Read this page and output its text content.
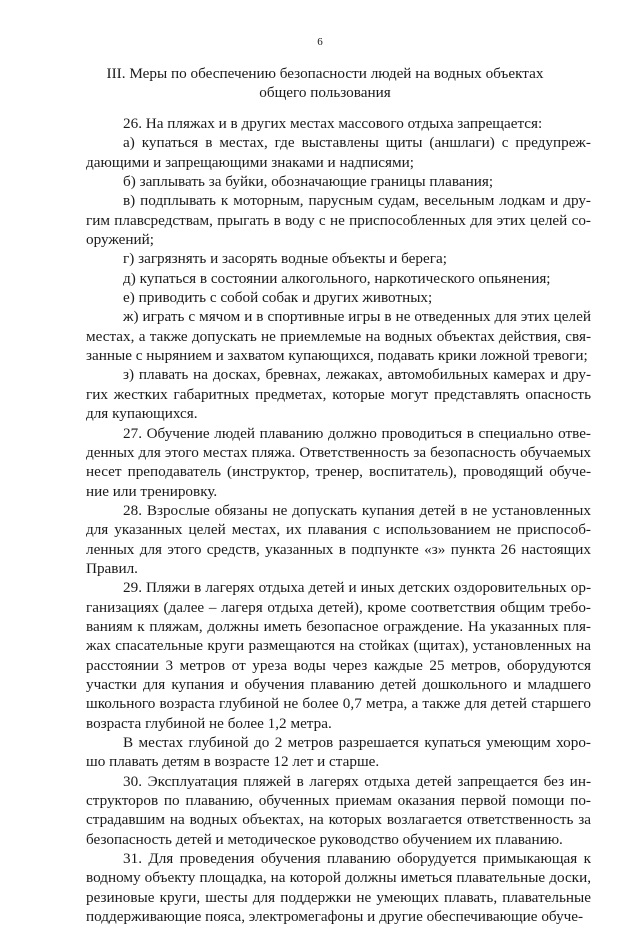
6
III. Меры по обеспечению безопасности людей на водных объектах
общего пользования
26. На пляжах и в других местах массового отдыха запрещается:
а) купаться в местах, где выставлены щиты (аншлаги) с предупреж-
дающими и запрещающими знаками и надписями;
б) заплывать за буйки, обозначающие границы плавания;
в) подплывать к моторным, парусным судам, весельным лодкам и дру-
гим плавсредствам, прыгать в воду с не приспособленных для этих целей со-
оружений;
г) загрязнять и засорять водные объекты и берега;
д) купаться в состоянии алкогольного, наркотического опьянения;
е) приводить с собой собак и других животных;
ж) играть с мячом и в спортивные игры в не отведенных для этих целей
местах, а также допускать не приемлемые на водных объектах действия, свя-
занные с нырянием и захватом купающихся, подавать крики ложной тревоги;
з) плавать на досках, бревнах, лежаках, автомобильных камерах и дру-
гих жестких габаритных предметах, которые могут представлять опасность
для купающихся.
27. Обучение людей плаванию должно проводиться в специально отве-
денных для этого местах пляжа. Ответственность за безопасность обучаемых
несет преподаватель (инструктор, тренер, воспитатель), проводящий обуче-
ние или тренировку.
28. Взрослые обязаны не допускать купания детей в не установленных
для указанных целей местах, их плавания с использованием не приспособ-
ленных для этого средств, указанных в подпункте «з» пункта 26 настоящих
Правил.
29. Пляжи в лагерях отдыха детей и иных детских оздоровительных ор-
ганизациях (далее – лагеря отдыха детей), кроме соответствия общим требо-
ваниям к пляжам, должны иметь безопасное ограждение. На указанных пля-
жах спасательные круги размещаются на стойках (щитах), установленных на
расстоянии 3 метров от уреза воды через каждые 25 метров, оборудуются
участки для купания и обучения плаванию детей дошкольного и младшего
школьного возраста глубиной не более 0,7 метра, а также для детей старшего
возраста глубиной не более 1,2 метра.
В местах глубиной до 2 метров разрешается купаться умеющим хоро-
шо плавать детям в возрасте 12 лет и старше.
30. Эксплуатация пляжей в лагерях отдыха детей запрещается без ин-
структоров по плаванию, обученных приемам оказания первой помощи по-
страдавшим на водных объектах, на которых возлагается ответственность за
безопасность детей и методическое руководство обучением их плаванию.
31. Для проведения обучения плаванию оборудуется примыкающая к
водному объекту площадка, на которой должны иметься плавательные доски,
резиновые круги, шесты для поддержки не умеющих плавать, плавательные
поддерживающие пояса, электромегафоны и другие обеспечивающие обуче-
